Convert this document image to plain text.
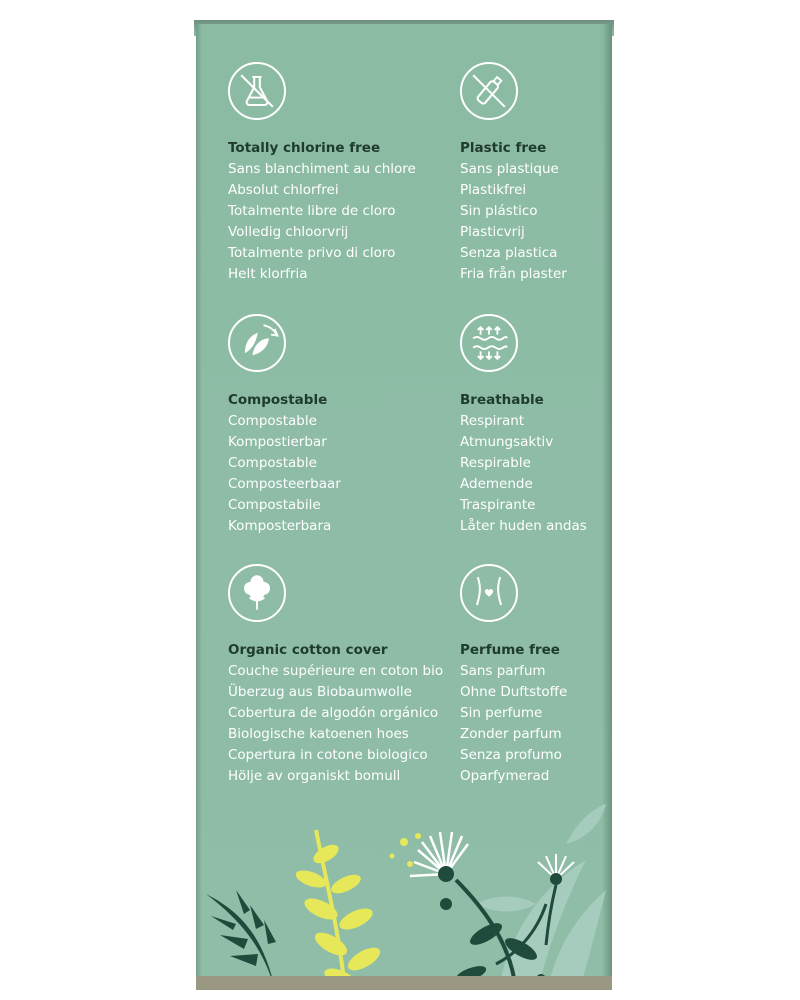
Totally chlorine free
Sans blanchiment au chlore
Absolut chlorfrei
Totalmente libre de cloro
Volledig chloorvrij
Totalmente privo di cloro
Helt klorfria
Plastic free
Sans plastique
Plastikfrei
Sin plástico
Plasticvrij
Senza plastica
Fria från plaster
Compostable
Compostable
Kompostierbar
Compostable
Composteerbaar
Compostabile
Komposterbara
Breathable
Respirant
Atmungsaktiv
Respirable
Ademende
Traspirante
Låter huden andas
Organic cotton cover
Couche supérieure en coton bio
Überzug aus Biobaumwolle
Cobertura de algodón orgánico
Biologische katoenen hoes
Copertura in cotone biologico
Hölje av organiskt bomull
Perfume free
Sans parfum
Ohne Duftstoffe
Sin perfume
Zonder parfum
Senza profumo
Oparfymerad
